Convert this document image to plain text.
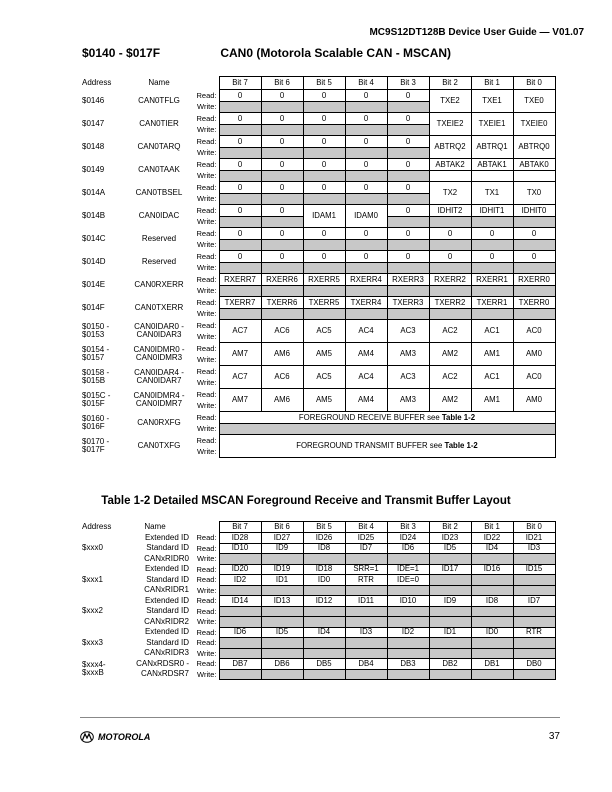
MC9S12DT128B Device User Guide — V01.07
$0140 - $017F	CAN0 (Motorola Scalable CAN - MSCAN)
Address	Name		Bit 7	Bit 6	Bit 5	Bit 4	Bit 3	Bit 2	Bit 1	Bit 0
$0146	CAN0TFLG	Read:	0	0	0	0	0	TXE2	TXE1	TXE0
		Write:								
$0147	CAN0TIER	Read:	0	0	0	0	0	TXEIE2	TXEIE1	TXEIE0
		Write:								
$0148	CAN0TARQ	Read:	0	0	0	0	0	ABTRQ2	ABTRQ1	ABTRQ0
		Write:								
$0149	CAN0TAAK	Read:	0	0	0	0	0	ABTAK2	ABTAK1	ABTAK0
		Write:								
$014A	CAN0TBSEL	Read:	0	0	0	0	0	TX2	TX1	TX0
		Write:								
$014B	CAN0IDAC	Read:	0	0	IDAM1	IDAM0	0	IDHIT2	IDHIT1	IDHIT0
		Write:								
$014C	Reserved	Read:	0	0	0	0	0	0	0	0
		Write:								
$014D	Reserved	Read:	0	0	0	0	0	0	0	0
		Write:								
$014E	CAN0RXERR	Read:	RXERR7	RXERR6	RXERR5	RXERR4	RXERR3	RXERR2	RXERR1	RXERR0
		Write:								
$014F	CAN0TXERR	Read:	TXERR7	TXERR6	TXERR5	TXERR4	TXERR3	TXERR2	TXERR1	TXERR0
		Write:								
$0150 -
$0153	CAN0IDAR0 -
CAN0IDAR3	Read:	AC7	AC6	AC5	AC4	AC3	AC2	AC1	AC0
		Write:								
$0154 -
$0157	CAN0IDMR0 -
CAN0IDMR3	Read:	AM7	AM6	AM5	AM4	AM3	AM2	AM1	AM0
		Write:								
$0158 -
$015B	CAN0IDAR4 -
CAN0IDAR7	Read:	AC7	AC6	AC5	AC4	AC3	AC2	AC1	AC0
		Write:								
$015C -
$015F	CAN0IDMR4 -
CAN0IDMR7	Read:	AM7	AM6	AM5	AM4	AM3	AM2	AM1	AM0
		Write:								
$0160 -
$016F	CAN0RXFG	Read:	FOREGROUND RECEIVE BUFFER see Table 1-2							
		Write:								
$0170 -
$017F	CAN0TXFG	Read:	FOREGROUND TRANSMIT BUFFER see Table 1-2							
		Write:								
Table 1-2 Detailed MSCAN Foreground Receive and Transmit Buffer Layout
Address	Name		Bit 7	Bit 6	Bit 5	Bit 4	Bit 3	Bit 2	Bit 1	Bit 0
$xxx0	Extended ID	Read:	ID28	ID27	ID26	ID25	ID24	ID23	ID22	ID21
	Standard ID	Read:	ID10	ID9	ID8	ID7	ID6	ID5	ID4	ID3
	CANxRIDR0	Write:								
$xxx1	Extended ID	Read:	ID20	ID19	ID18	SRR=1	IDE=1	ID17	ID16	ID15
	Standard ID	Read:	ID2	ID1	ID0	RTR	IDE=0			
	CANxRIDR1	Write:								
$xxx2	Extended ID	Read:	ID14	ID13	ID12	ID11	ID10	ID9	ID8	ID7
	Standard ID	Read:								
	CANxRIDR2	Write:								
$xxx3	Extended ID	Read:	ID6	ID5	ID4	ID3	ID2	ID1	ID0	RTR
	Standard ID	Read:								
	CANxRIDR3	Write:								
$xxx4-
$xxxB	CANxRDSR0 -	Read:	DB7	DB6	DB5	DB4	DB3	DB2	DB1	DB0
	CANxRDSR7	Write:								
MOTOROLA	37
